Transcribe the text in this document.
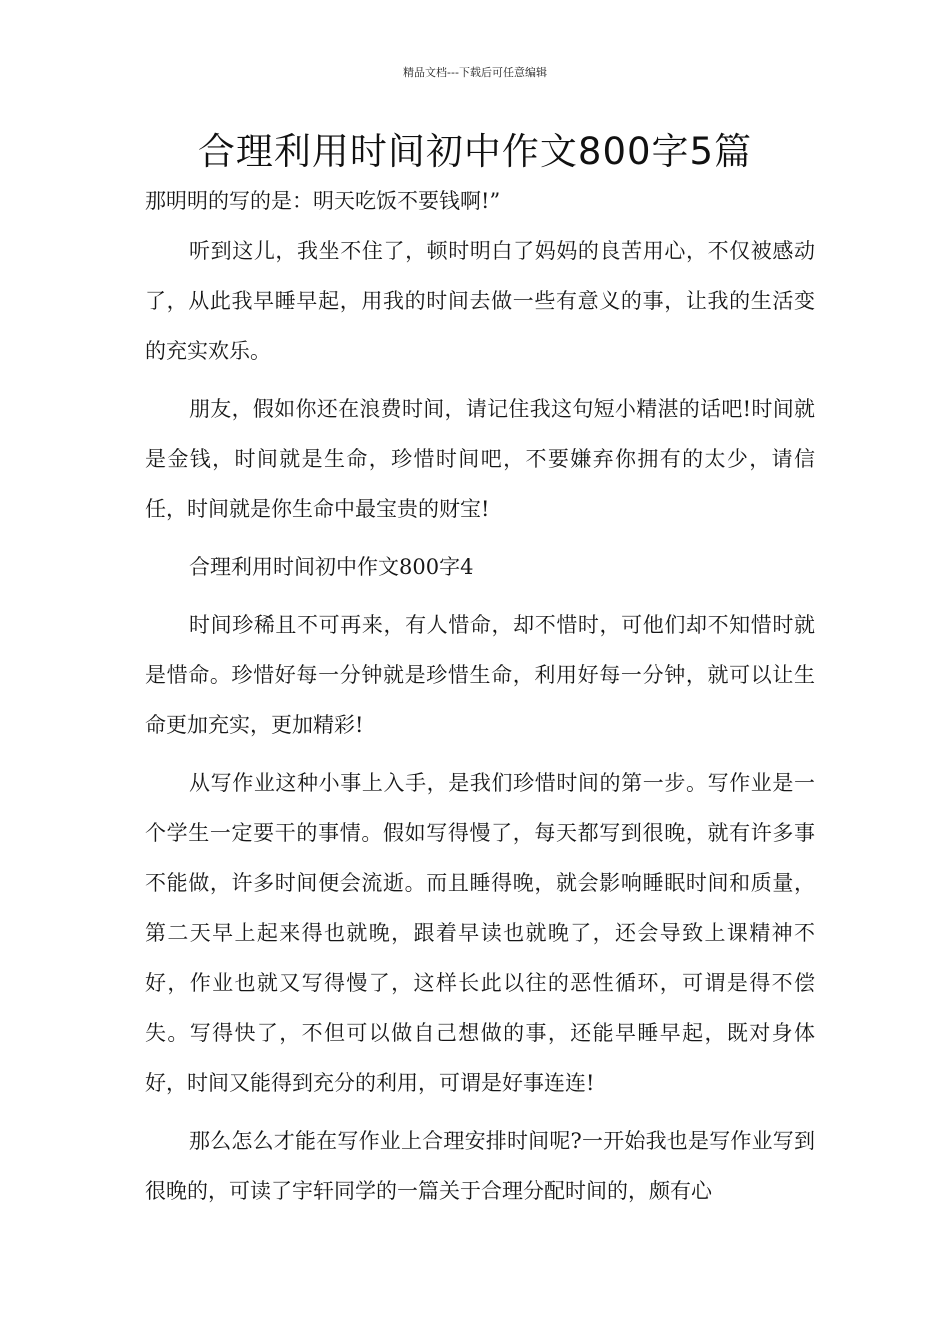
精品文档---下载后可任意编辑
合理利用时间初中作文800字5篇

那明明的写的是：明天吃饭不要钱啊!”

听到这儿，我坐不住了，顿时明白了妈妈的良苦用心，不仅被感动了，从此我早睡早起，用我的时间去做一些有意义的事，让我的生活变的充实欢乐。

朋友，假如你还在浪费时间，请记住我这句短小精湛的话吧!时间就是金钱，时间就是生命，珍惜时间吧，不要嫌弃你拥有的太少，请信任，时间就是你生命中最宝贵的财宝!

合理利用时间初中作文800字4

时间珍稀且不可再来，有人惜命，却不惜时，可他们却不知惜时就是惜命。珍惜好每一分钟就是珍惜生命，利用好每一分钟，就可以让生命更加充实，更加精彩!

从写作业这种小事上入手，是我们珍惜时间的第一步。写作业是一个学生一定要干的事情。假如写得慢了，每天都写到很晚，就有许多事不能做，许多时间便会流逝。而且睡得晚，就会影响睡眠时间和质量，第二天早上起来得也就晚，跟着早读也就晚了，还会导致上课精神不好，作业也就又写得慢了，这样长此以往的恶性循环，可谓是得不偿失。写得快了，不但可以做自己想做的事，还能早睡早起，既对身体好，时间又能得到充分的利用，可谓是好事连连!

那么怎么才能在写作业上合理安排时间呢?一开始我也是写作业写到很晚的，可读了宇轩同学的一篇关于合理分配时间的，颇有心
